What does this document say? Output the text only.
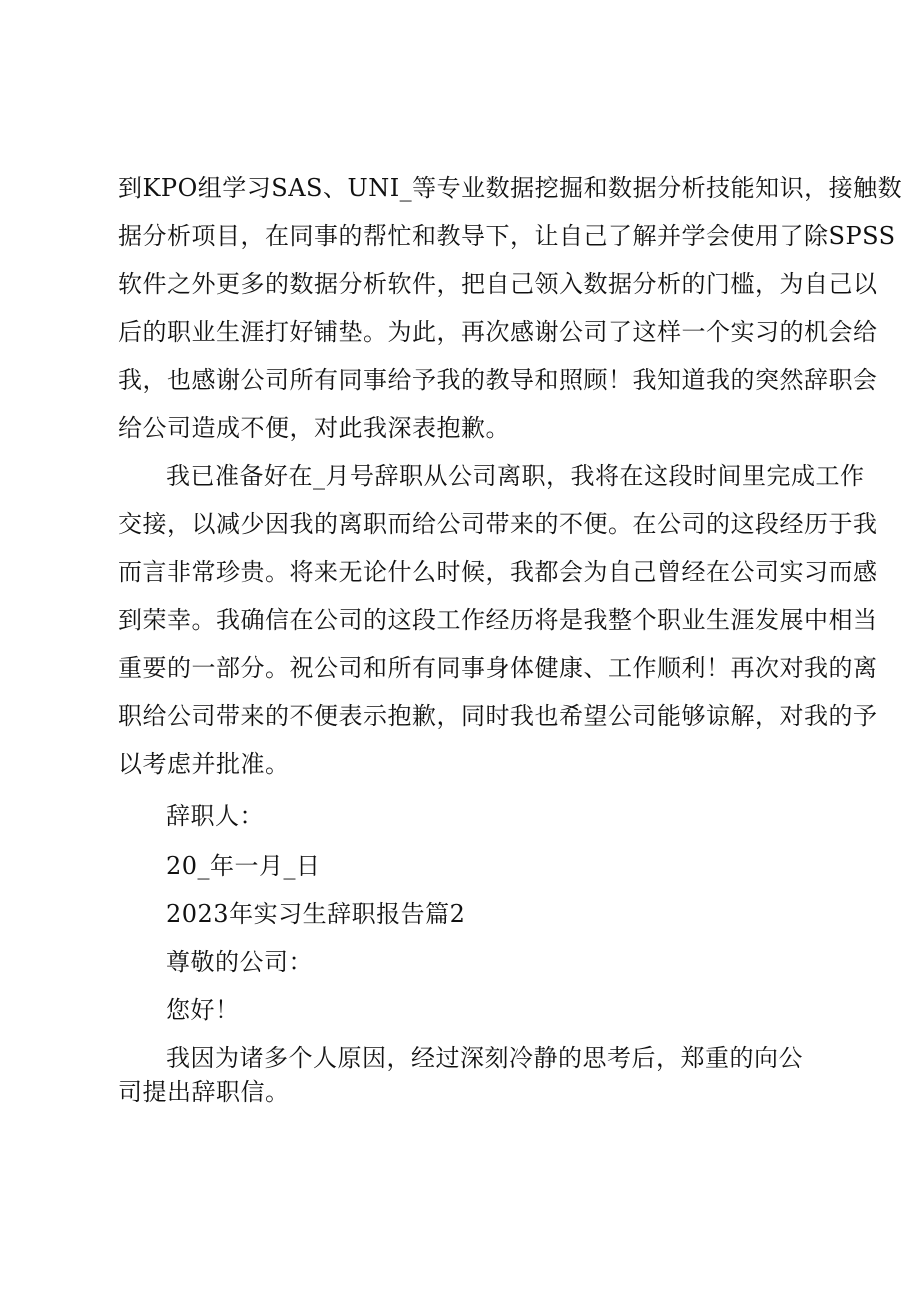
到KPO组学习SAS、UNI_等专业数据挖掘和数据分析技能知识，接触数
据分析项目，在同事的帮忙和教导下，让自己了解并学会使用了除SPSS
软件之外更多的数据分析软件，把自己领入数据分析的门槛，为自己以
后的职业生涯打好铺垫。为此，再次感谢公司了这样一个实习的机会给
我，也感谢公司所有同事给予我的教导和照顾！我知道我的突然辞职会
给公司造成不便，对此我深表抱歉。
我已准备好在_月号辞职从公司离职，我将在这段时间里完成工作
交接，以减少因我的离职而给公司带来的不便。在公司的这段经历于我
而言非常珍贵。将来无论什么时候，我都会为自己曾经在公司实习而感
到荣幸。我确信在公司的这段工作经历将是我整个职业生涯发展中相当
重要的一部分。祝公司和所有同事身体健康、工作顺利！再次对我的离
职给公司带来的不便表示抱歉，同时我也希望公司能够谅解，对我的予
以考虑并批准。
辞职人：
20_年一月_日
2023年实习生辞职报告篇2
尊敬的公司：
您好！
我因为诸多个人原因，经过深刻冷静的思考后，郑重的向公
司提出辞职信。
